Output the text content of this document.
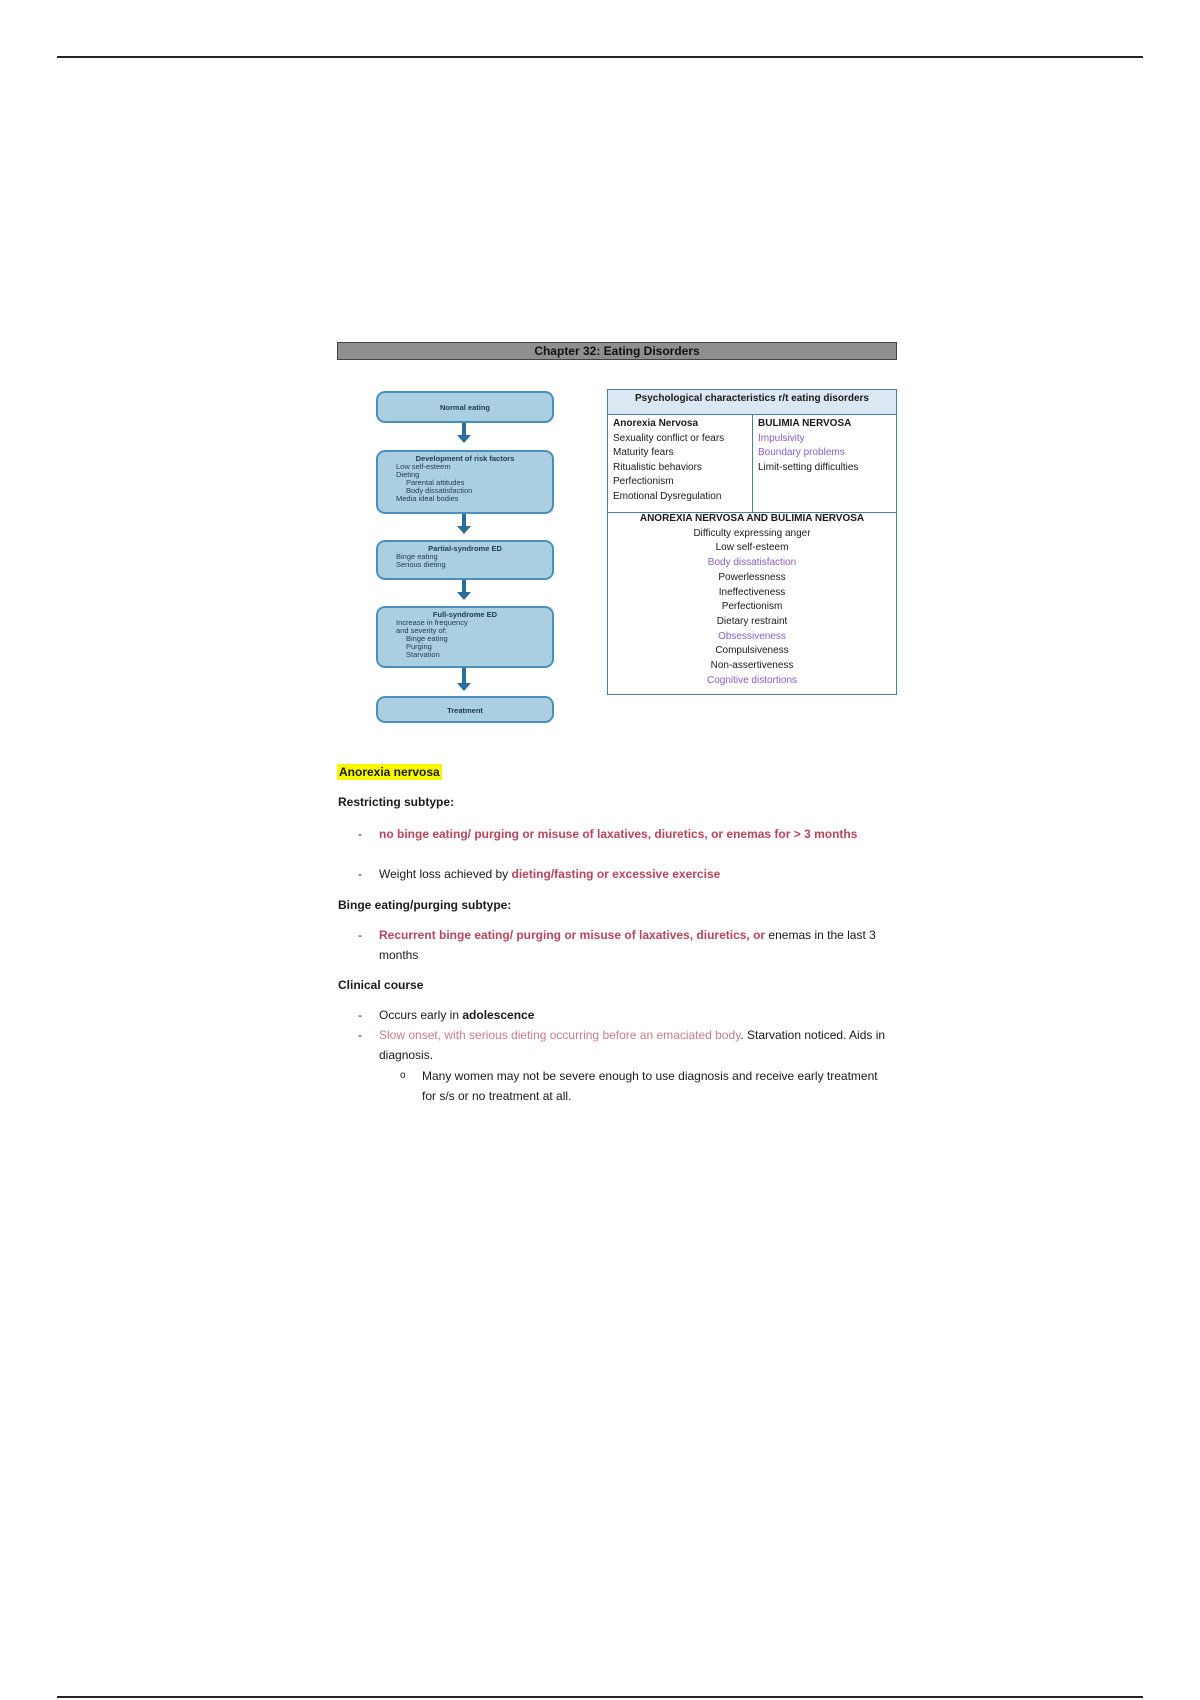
Chapter 32: Eating Disorders
Normal eating
Development of risk factors
Low self-esteem
Dieting
Parental attitudes
Body dissatisfaction
Media ideal bodies
Partial-syndrome ED
Binge eating
Serious dieting
Full-syndrome ED
Increase in frequency
and severity of:
Binge eating
Purging
Starvation
Treatment
Psychological characteristics r/t eating disorders
Anorexia Nervosa
Sexuality conflict or fears
Maturity fears
Ritualistic behaviors
Perfectionism
Emotional Dysregulation
BULIMIA NERVOSA
Impulsivity
Boundary problems
Limit-setting difficulties
ANOREXIA NERVOSA AND BULIMIA NERVOSA
Difficulty expressing anger
Low self-esteem
Body dissatisfaction
Powerlessness
Ineffectiveness
Perfectionism
Dietary restraint
Obsessiveness
Compulsiveness
Non-assertiveness
Cognitive distortions
Anorexia nervosa
Restricting subtype:
-	no binge eating/ purging or misuse of laxatives, diuretics, or enemas for > 3 months
-	Weight loss achieved by dieting/fasting or excessive exercise
Binge eating/purging subtype:
-	Recurrent binge eating/ purging or misuse of laxatives, diuretics, or enemas in the last 3 months
Clinical course
-	Occurs early in adolescence
-	Slow onset, with serious dieting occurring before an emaciated body. Starvation noticed. Aids in diagnosis.
o	Many women may not be severe enough to use diagnosis and receive early treatment for s/s or no treatment at all.
